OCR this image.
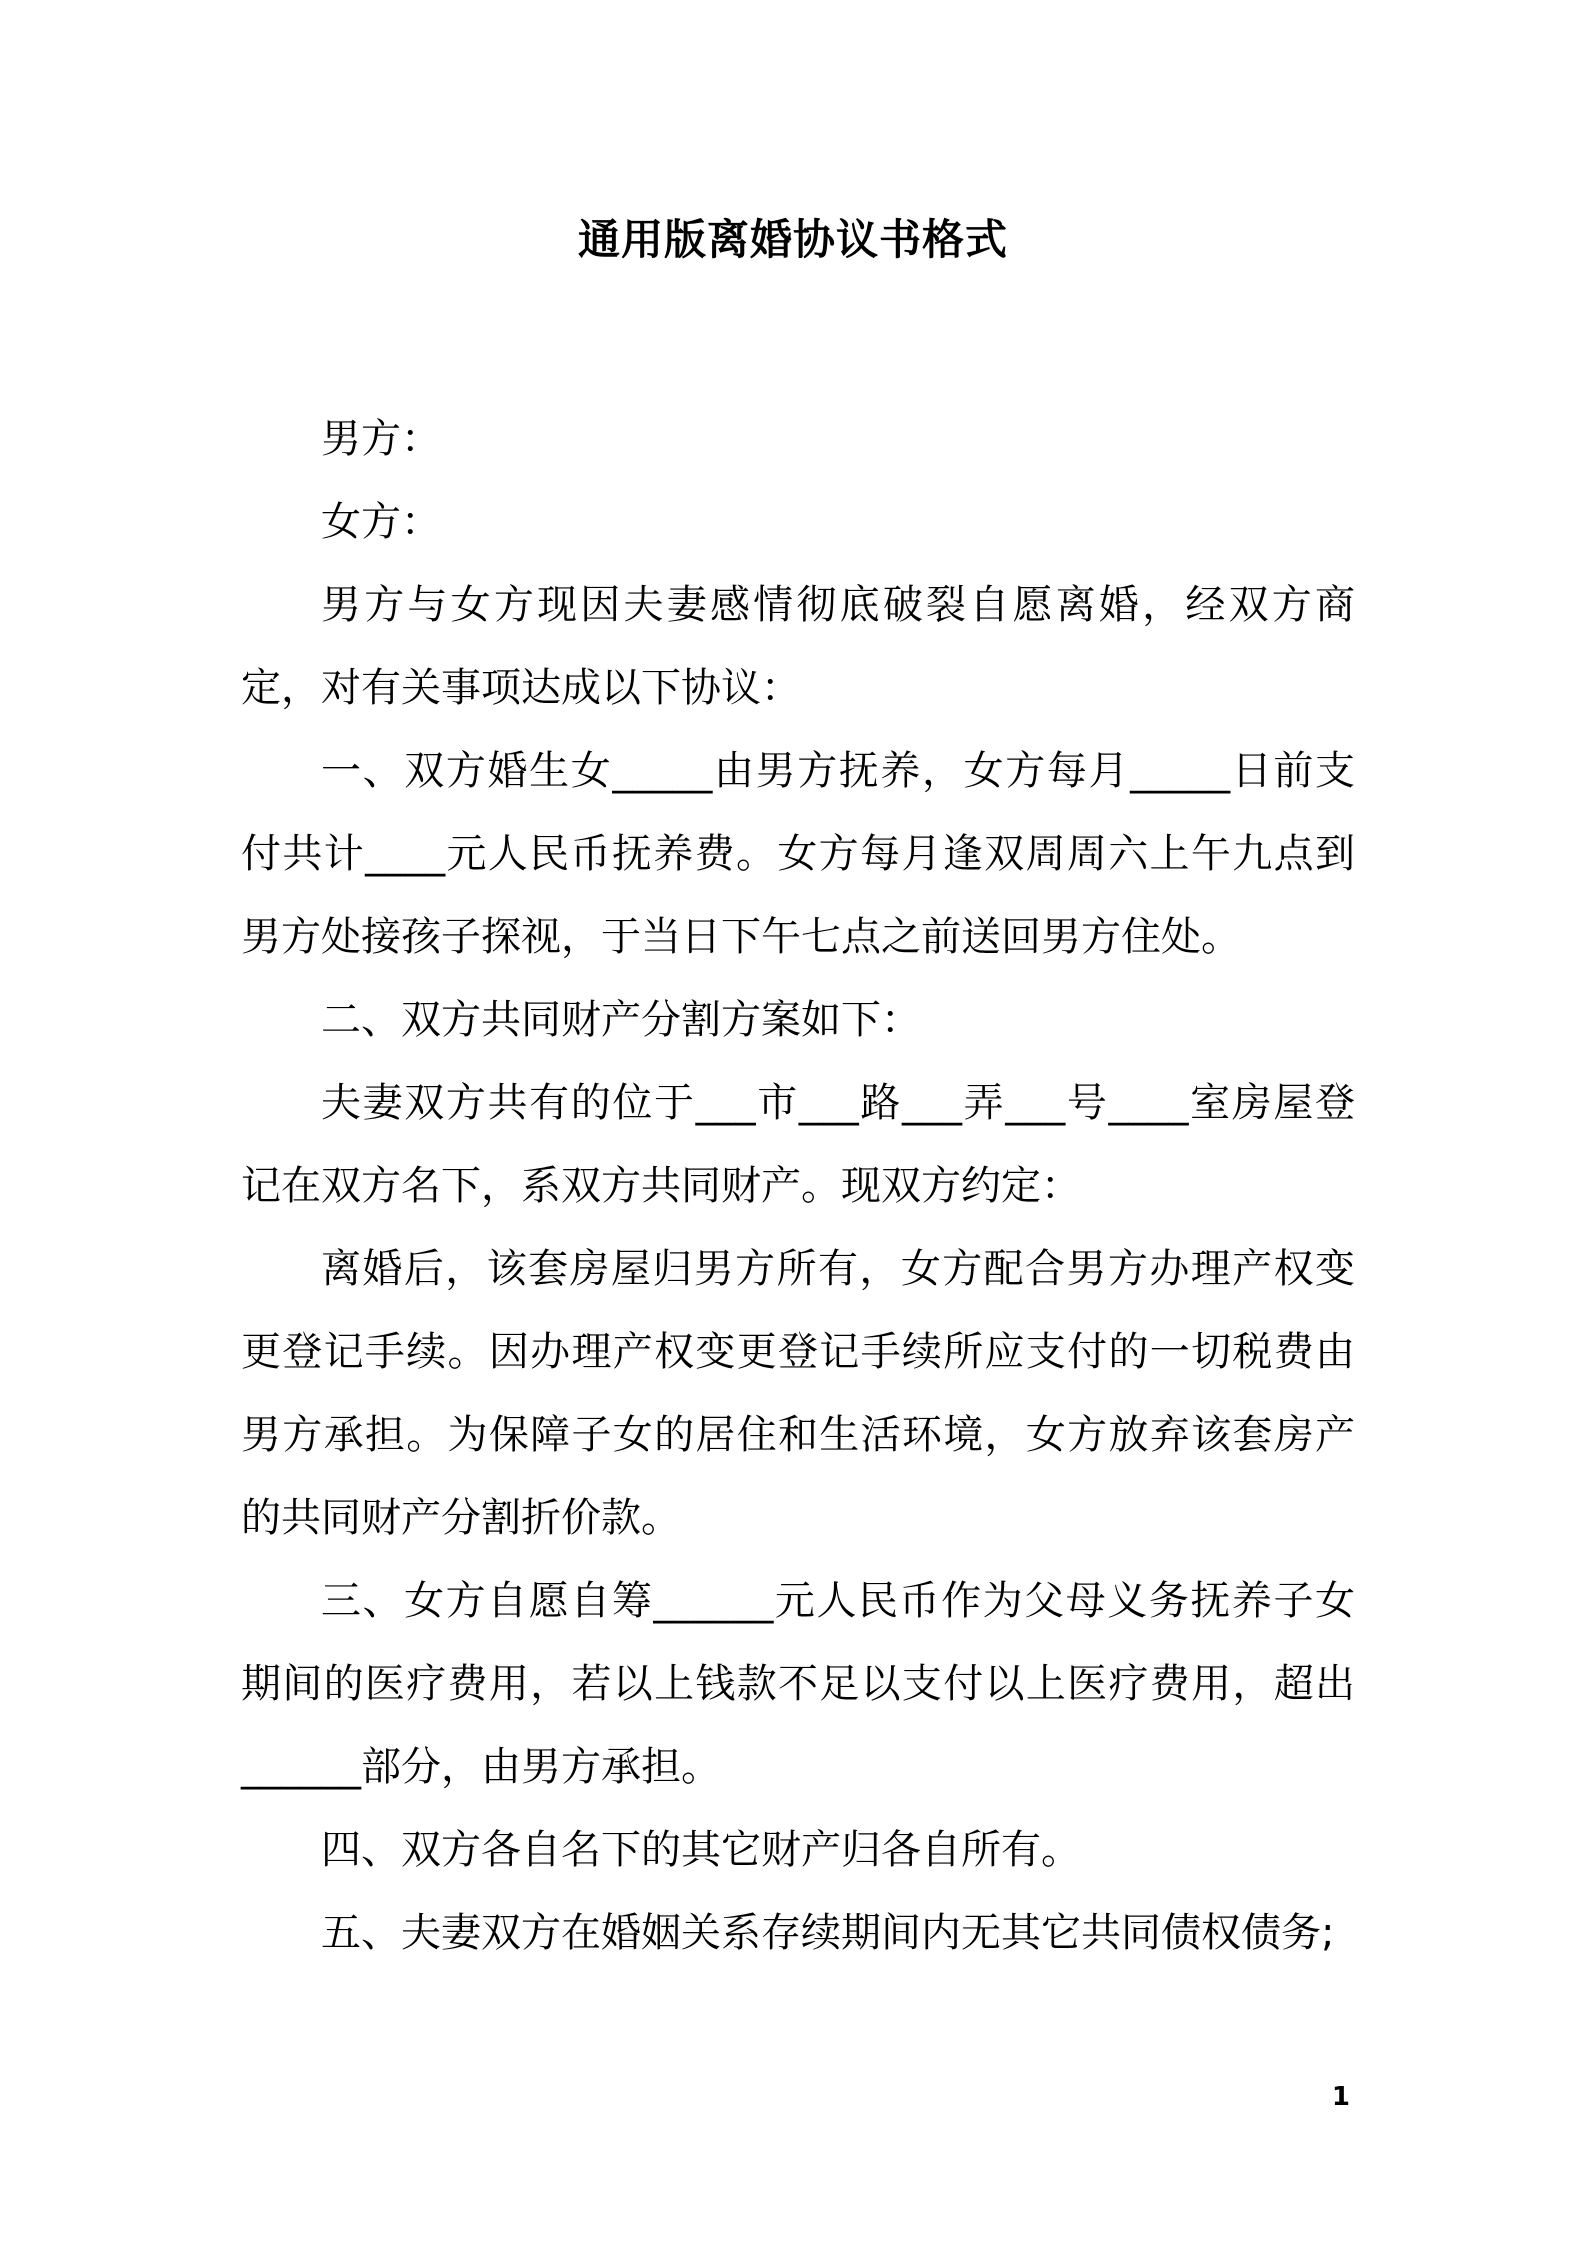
通用版离婚协议书格式

男方：

女方：

男方与女方现因夫妻感情彻底破裂自愿离婚，经双方商定，对有关事项达成以下协议：

一、双方婚生女_____由男方抚养，女方每月_____日前支付共计____元人民币抚养费。女方每月逢双周周六上午九点到男方处接孩子探视，于当日下午七点之前送回男方住处。

二、双方共同财产分割方案如下：

夫妻双方共有的位于___市___路___弄___号____室房屋登记在双方名下，系双方共同财产。现双方约定：

离婚后，该套房屋归男方所有，女方配合男方办理产权变更登记手续。因办理产权变更登记手续所应支付的一切税费由男方承担。为保障子女的居住和生活环境，女方放弃该套房产的共同财产分割折价款。

三、女方自愿自筹______元人民币作为父母义务抚养子女期间的医疗费用，若以上钱款不足以支付以上医疗费用，超出______部分，由男方承担。

四、双方各自名下的其它财产归各自所有。

五、夫妻双方在婚姻关系存续期间内无其它共同债权债务;

1
